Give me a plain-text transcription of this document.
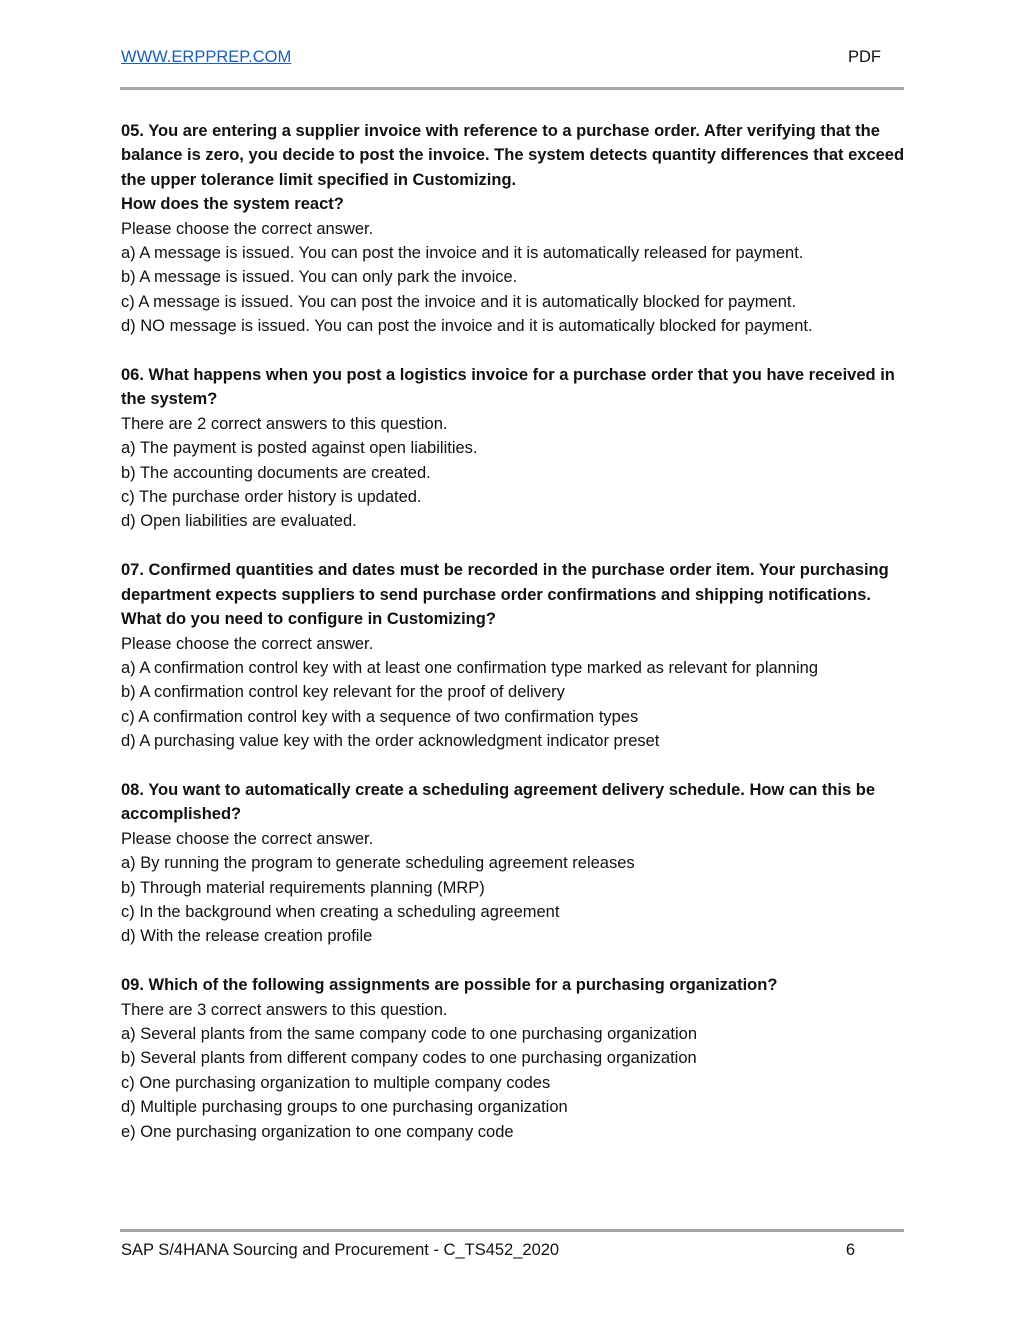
WWW.ERPPREP.COM	PDF
05. You are entering a supplier invoice with reference to a purchase order. After verifying that the balance is zero, you decide to post the invoice. The system detects quantity differences that exceed the upper tolerance limit specified in Customizing.
How does the system react?
Please choose the correct answer.
a) A message is issued. You can post the invoice and it is automatically released for payment.
b) A message is issued. You can only park the invoice.
c) A message is issued. You can post the invoice and it is automatically blocked for payment.
d) NO message is issued. You can post the invoice and it is automatically blocked for payment.
06. What happens when you post a logistics invoice for a purchase order that you have received in the system?
There are 2 correct answers to this question.
a) The payment is posted against open liabilities.
b) The accounting documents are created.
c) The purchase order history is updated.
d) Open liabilities are evaluated.
07. Confirmed quantities and dates must be recorded in the purchase order item. Your purchasing department expects suppliers to send purchase order confirmations and shipping notifications.
What do you need to configure in Customizing?
Please choose the correct answer.
a) A confirmation control key with at least one confirmation type marked as relevant for planning
b) A confirmation control key relevant for the proof of delivery
c) A confirmation control key with a sequence of two confirmation types
d) A purchasing value key with the order acknowledgment indicator preset
08. You want to automatically create a scheduling agreement delivery schedule. How can this be accomplished?
Please choose the correct answer.
a) By running the program to generate scheduling agreement releases
b) Through material requirements planning (MRP)
c) In the background when creating a scheduling agreement
d) With the release creation profile
09. Which of the following assignments are possible for a purchasing organization?
There are 3 correct answers to this question.
a) Several plants from the same company code to one purchasing organization
b) Several plants from different company codes to one purchasing organization
c) One purchasing organization to multiple company codes
d) Multiple purchasing groups to one purchasing organization
e) One purchasing organization to one company code
SAP S/4HANA Sourcing and Procurement - C_TS452_2020	6
